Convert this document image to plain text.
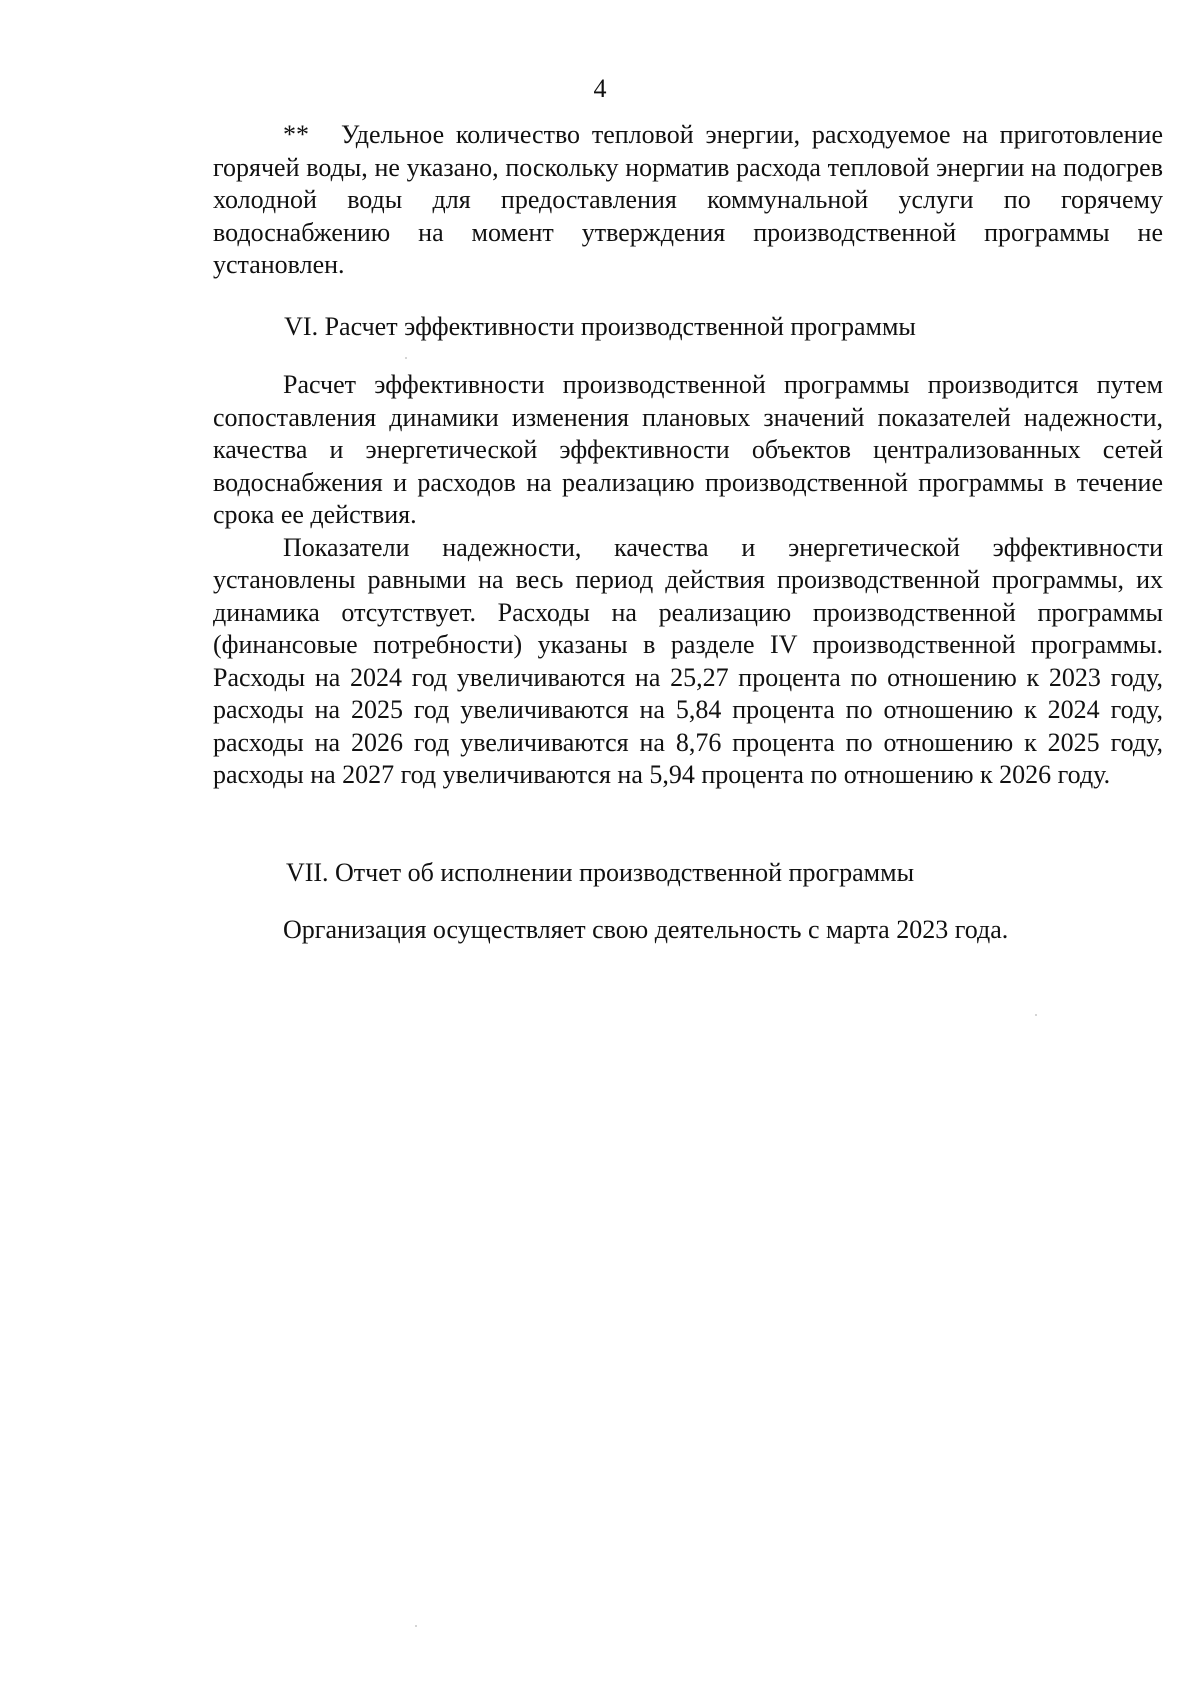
4
** Удельное количество тепловой энергии, расходуемое на приготовление горячей воды, не указано, поскольку норматив расхода тепловой энергии на подогрев холодной воды для предоставления коммунальной услуги по горячему водоснабжению на момент утверждения производственной программы не установлен.
VI. Расчет эффективности производственной программы

Расчет эффективности производственной программы производится путем сопоставления динамики изменения плановых значений показателей надежности, качества и энергетической эффективности объектов централизованных сетей водоснабжения и расходов на реализацию производственной программы в течение срока ее действия.

Показатели надежности, качества и энергетической эффективности установлены равными на весь период действия производственной программы, их динамика отсутствует. Расходы на реализацию производственной программы (финансовые потребности) указаны в разделе IV производственной программы. Расходы на 2024 год увеличиваются на 25,27 процента по отношению к 2023 году, расходы на 2025 год увеличиваются на 5,84 процента по отношению к 2024 году, расходы на 2026 год увеличиваются на 8,76 процента по отношению к 2025 году, расходы на 2027 год увеличиваются на 5,94 процента по отношению к 2026 году.

VII. Отчет об исполнении производственной программы

Организация осуществляет свою деятельность с марта 2023 года.
